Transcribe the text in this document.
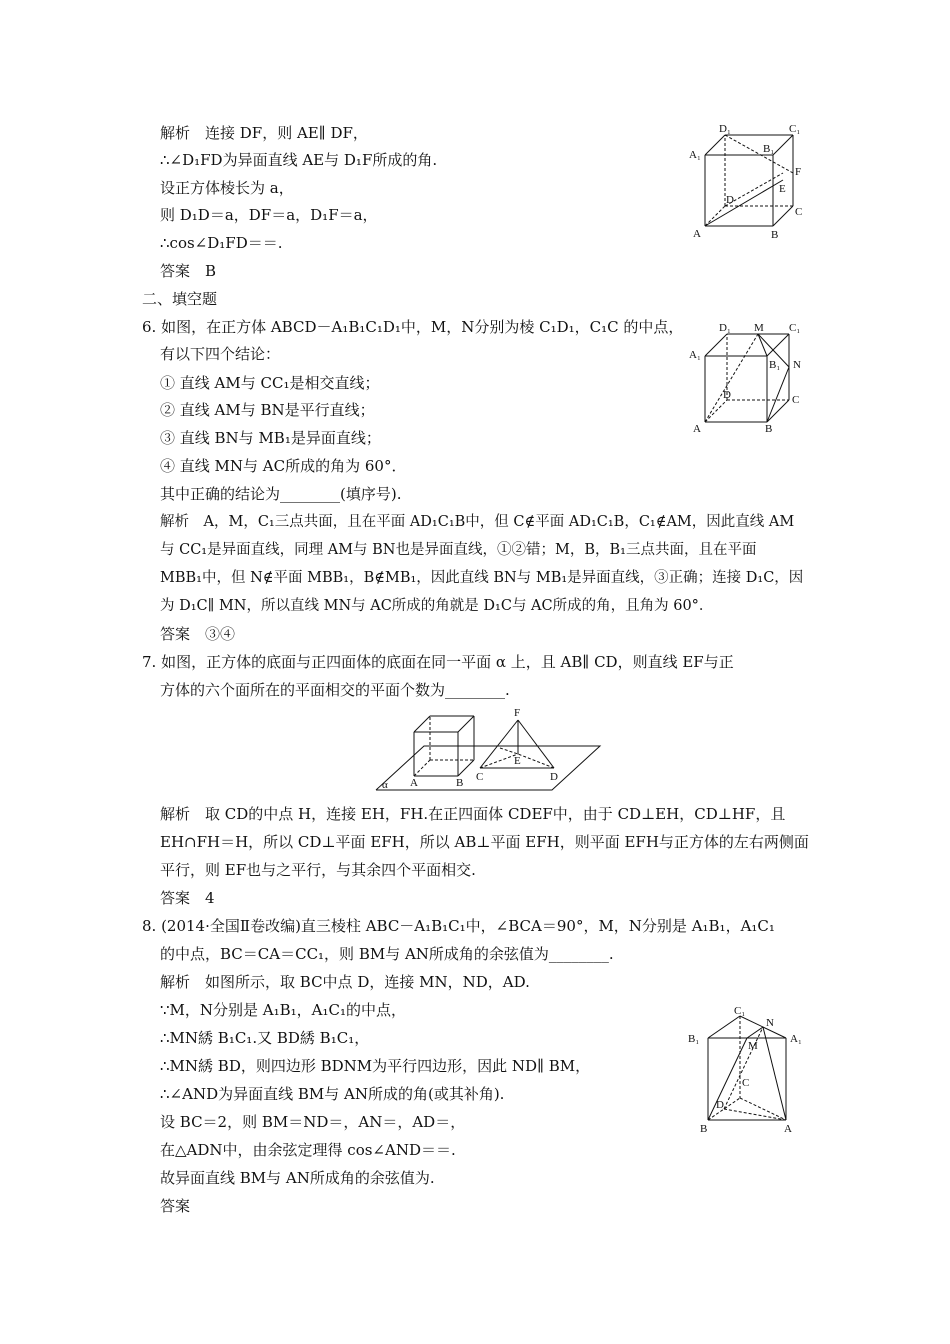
解析　连接 DF，则 AE∥ DF，
∴∠D₁FD为异面直线 AE与 D₁F所成的角.
设正方体棱长为 a，
则 D₁D＝a，DF＝a，D₁F＝a，
∴cos∠D₁FD＝＝.
答案　B
二、填空题
6. 如图，在正方体 ABCD－A₁B₁C₁D₁中，M，N分别为棱 C₁D₁，C₁C 的中点，
有以下四个结论：
① 直线 AM与 CC₁是相交直线；
② 直线 AM与 BN是平行直线；
③ 直线 BN与 MB₁是异面直线；
④ 直线 MN与 AC所成的角为 60°．
其中正确的结论为________(填序号).
解析　A，M，C₁三点共面，且在平面 AD₁C₁B中，但 C∉平面 AD₁C₁B，C₁∉AM，因此直线 AM
与 CC₁是异面直线，同理 AM与 BN也是异面直线，①②错；M，B，B₁三点共面，且在平面
MBB₁中，但 N∉平面 MBB₁，B∉MB₁，因此直线 BN与 MB₁是异面直线，③正确；连接 D₁C，因
为 D₁C∥ MN，所以直线 MN与 AC所成的角就是 D₁C与 AC所成的角，且角为 60°．
答案　③④
7. 如图，正方体的底面与正四面体的底面在同一平面 α 上，且 AB∥ CD，则直线 EF与正
方体的六个面所在的平面相交的平面个数为________.
解析　取 CD的中点 H，连接 EH，FH.在正四面体 CDEF中，由于 CD⊥EH，CD⊥HF，且
EH∩FH＝H，所以 CD⊥平面 EFH，所以 AB⊥平面 EFH，则平面 EFH与正方体的左右两侧面
平行，则 EF也与之平行，与其余四个平面相交.
答案　4
8. (2014·全国Ⅱ卷改编)直三棱柱 ABC－A₁B₁C₁中，∠BCA＝90°，M，N分别是 A₁B₁，A₁C₁
的中点，BC＝CA＝CC₁，则 BM与 AN所成角的余弦值为________.
解析　如图所示，取 BC中点 D，连接 MN，ND，AD.
∵M，N分别是 A₁B₁，A₁C₁的中点，
∴MN綉 B₁C₁.又 BD綉 B₁C₁，
∴MN綉 BD，则四边形 BDNM为平行四边形，因此 ND∥ BM，
∴∠AND为异面直线 BM与 AN所成的角(或其补角).
设 BC＝2，则 BM＝ND＝，AN＝，AD＝，
在△ADN中，由余弦定理得 cos∠AND＝＝.
故异面直线 BM与 AN所成角的余弦值为.
答案
D₁	C₁
A₁	B₁
F
E
D
C
A	B
D₁ M C₁
A₁
B₁ N
D	C
A	B
F
E
C	D
A	B
α
C₁
N
B₁
M
A₁
C
D
B	A
